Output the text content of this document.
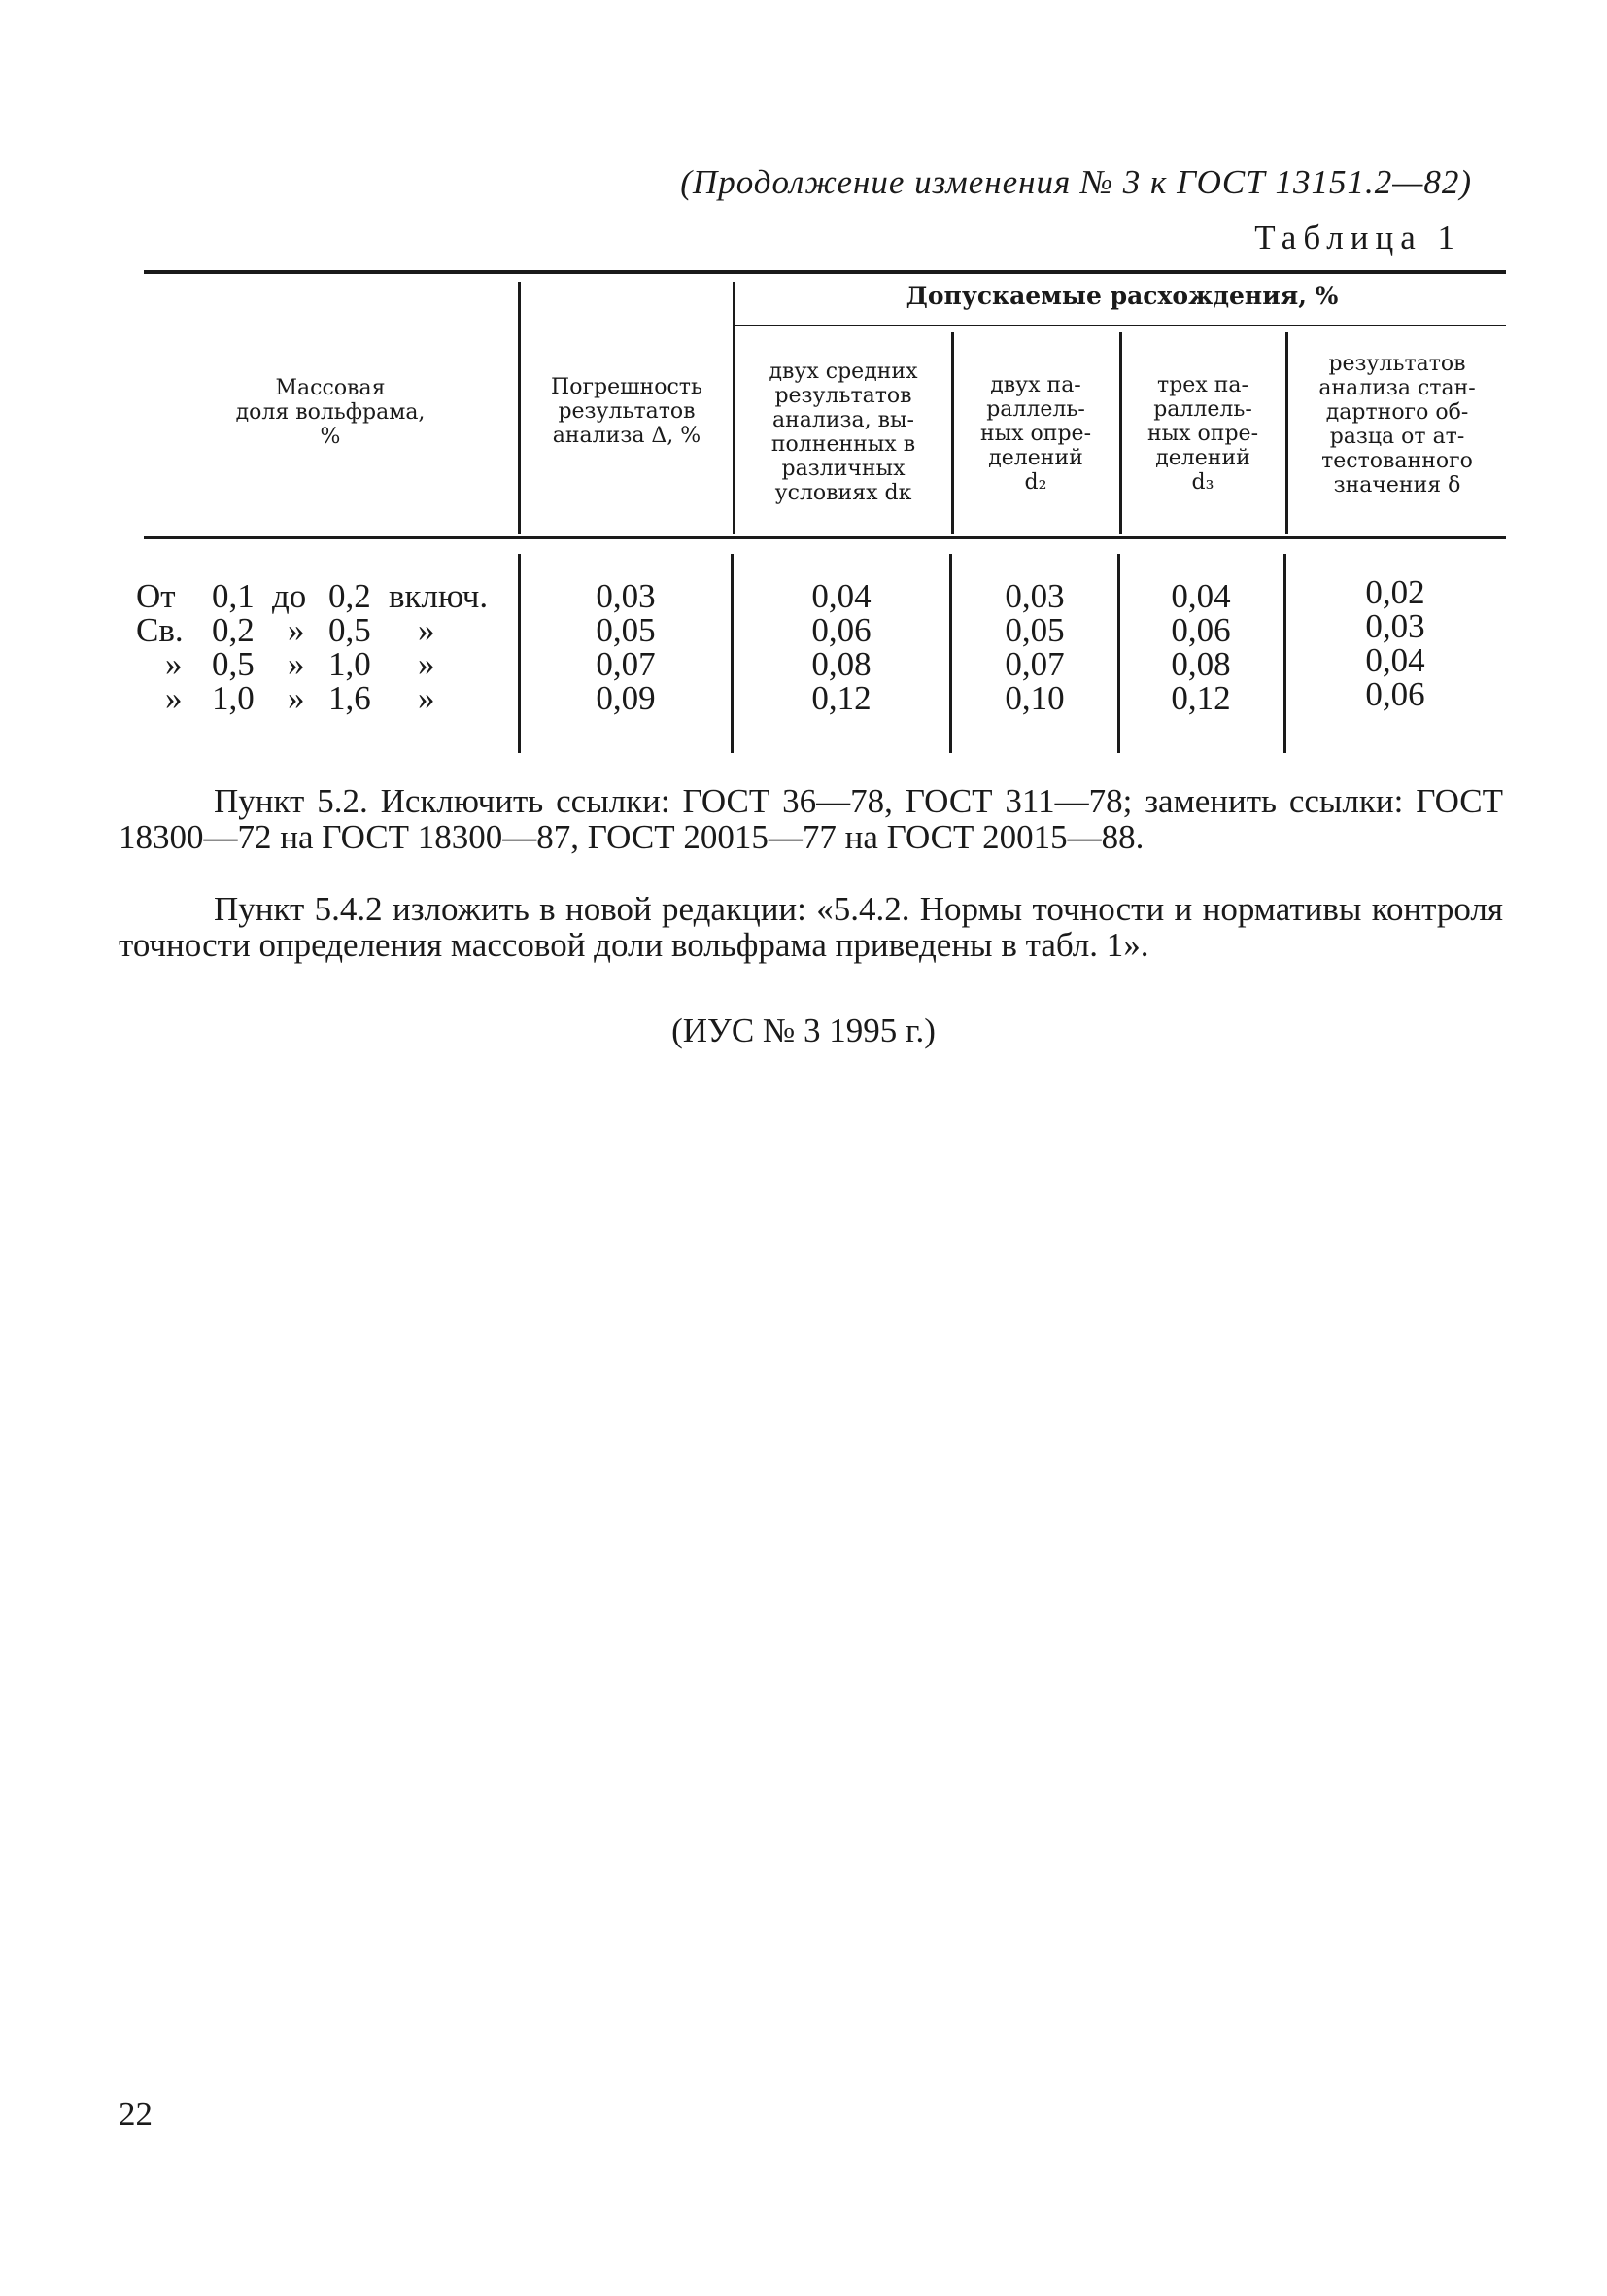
(Продолжение изменения № 3 к ГОСТ 13151.2—82)
Таблица 1
Массовая
доля вольфрама,
%
Погрешность
результатов
анализа Δ, %
Допускаемые расхождения, %
двух средних
результатов
анализа, вы-
полненных в
различных
условиях dк
двух па-
раллель-
ных опре-
делений
d₂
трех па-
раллель-
ных опре-
делений
d₃
результатов
анализа стан-
дартного об-
разца от ат-
тестованного
значения δ
От 0,1 до 0,2 включ.
Св. 0,2 » 0,5 »
» 0,5 » 1,0 »
» 1,0 » 1,6 »
0,03
0,05
0,07
0,09
0,04
0,06
0,08
0,12
0,03
0,05
0,07
0,10
0,04
0,06
0,08
0,12
0,02
0,03
0,04
0,06
Пункт 5.2. Исключить ссылки: ГОСТ 36—78, ГОСТ 311—78; заменить ссылки: ГОСТ 18300—72 на ГОСТ 18300—87, ГОСТ 20015—77 на ГОСТ 20015—88.
Пункт 5.4.2 изложить в новой редакции: «5.4.2. Нормы точности и нормативы контроля точности определения массовой доли вольфрама приведены в табл. 1».
(ИУС № 3 1995 г.)
22
